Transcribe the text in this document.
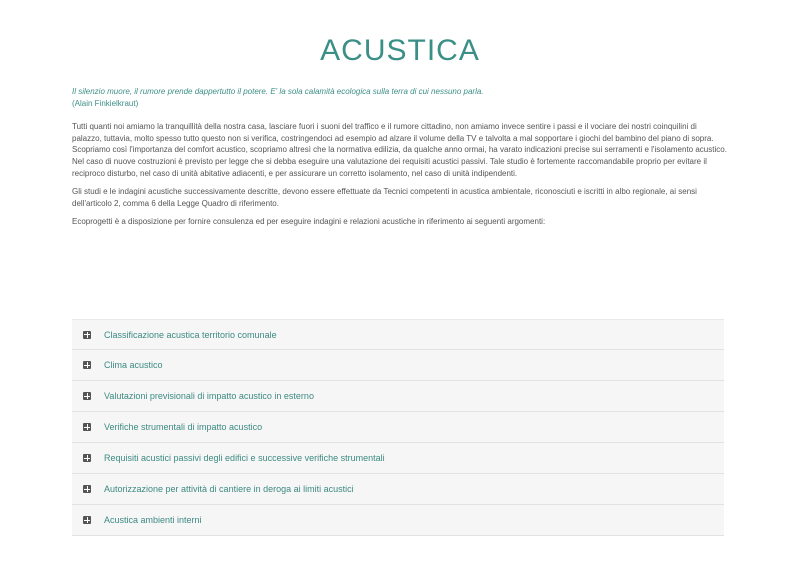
ACUSTICA
Il silenzio muore, il rumore prende dappertutto il potere. E' la sola calamità ecologica sulla terra di cui nessuno parla.
(Alain Finkielkraut)

Tutti quanti noi amiamo la tranquillità della nostra casa, lasciare fuori i suoni del traffico e il rumore cittadino, non amiamo invece sentire i passi e il vociare dei nostri coinquilini di palazzo, tuttavia, molto spesso tutto questo non si verifica, costringendoci ad esempio ad alzare il volume della TV e talvolta a mal sopportare i giochi del bambino del piano di sopra. Scopriamo così l'importanza del comfort acustico, scopriamo altresì che la normativa edilizia, da qualche anno ormai, ha varato indicazioni precise sui serramenti e l'isolamento acustico. Nel caso di nuove costruzioni è previsto per legge che si debba eseguire una valutazione dei requisiti acustici passivi. Tale studio è fortemente raccomandabile proprio per evitare il reciproco disturbo, nel caso di unità abitative adiacenti, e per assicurare un corretto isolamento, nel caso di unità indipendenti.

Gli studi e le indagini acustiche successivamente descritte, devono essere effettuate da Tecnici competenti in acustica ambientale, riconosciuti e iscritti in albo regionale, ai sensi dell'articolo 2, comma 6 della Legge Quadro di riferimento.

Ecoprogetti è a disposizione per fornire consulenza ed per eseguire indagini e relazioni acustiche in riferimento ai seguenti argomenti:

Classificazione acustica territorio comunale
Clima acustico
Valutazioni previsionali di impatto acustico in esterno
Verifiche strumentali di impatto acustico
Requisiti acustici passivi degli edifici e successive verifiche strumentali
Autorizzazione per attività di cantiere in deroga ai limiti acustici
Acustica ambienti interni
